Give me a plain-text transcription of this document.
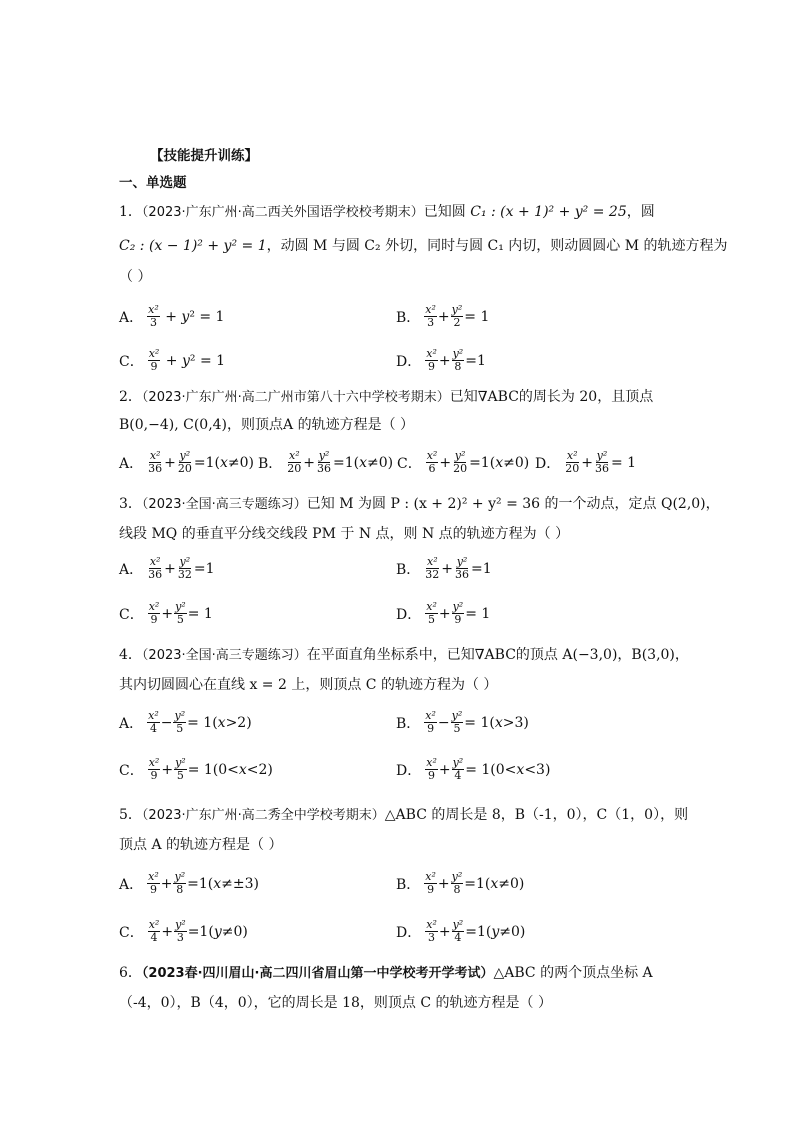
【技能提升训练】
一、单选题
1．（2023·广东广州·高二西关外国语学校校考期末）已知圆 C₁ : (x + 1)² + y² = 25，圆
C₂ : (x − 1)² + y² = 1，动圆 M 与圆 C₂ 外切，同时与圆 C₁ 内切，则动圆圆心 M 的轨迹方程为
（ ）
A． $\frac{\text{x²}}{3} + y^2 = 1$	B． $\frac{\text{x²}}{3} + \frac{\text{y²}}{2} = 1$
C． $\frac{\text{x²}}{9} + y^2 = 1$	D． $\frac{\text{x²}}{9} + \frac{\text{y²}}{8} =1$
2．（2023·广东广州·高二广州市第八十六中学校考期末）已知∇ABC的周长为 20，且顶点
B(0,−4), C(0,4)，则顶点A 的轨迹方程是（ ）
A． $\frac{\text{x²}}{36} + \frac{\text{y²}}{20} =1(x\ne 0)$ B． $\frac{\text{x²}}{20} + \frac{\text{y²}}{36} =1(x\ne 0)$ C． $\frac{\text{x²}}{6} + \frac{\text{y²}}{20} =1(x\ne 0)$ D． $\frac{\text{x²}}{20} + \frac{\text{y²}}{36} = 1$
3．（2023·全国·高三专题练习）已知 M 为圆 P : (x + 2)² + y² = 36 的一个动点，定点 Q(2,0)，
线段 MQ 的垂直平分线交线段 PM 于 N 点，则 N 点的轨迹方程为（ ）
A． $\frac{\text{x²}}{36} + \frac{\text{y²}}{32} =1$	B． $\frac{\text{x²}}{32} + \frac{\text{y²}}{36} =1$
C． $\frac{\text{x²}}{9} + \frac{\text{y²}}{5} = 1$	D． $\frac{\text{x²}}{5} + \frac{\text{y²}}{9} = 1$
4．（2023·全国·高三专题练习）在平面直角坐标系中，已知∇ABC的顶点 A(−3,0)，B(3,0)，
其内切圆圆心在直线 x = 2 上，则顶点 C 的轨迹方程为（ ）
A． $\frac{\text{x²}}{4} - \frac{\text{y²}}{5} = 1(x>2)$	B． $\frac{\text{x²}}{9} - \frac{\text{y²}}{5} = 1(x>3)$
C． $\frac{\text{x²}}{9} + \frac{\text{y²}}{5} = 1(0<x<2)$	D． $\frac{\text{x²}}{9} + \frac{\text{y²}}{4} = 1(0<x<3)$
5．（2023·广东广州·高二秀全中学校考期末）△ABC 的周长是 8，B（-1，0），C（1，0），则
顶点 A 的轨迹方程是（ ）
A． $\frac{\text{x²}}{9} + \frac{\text{y²}}{8} =1(x\ne\pm 3)$	B． $\frac{\text{x²}}{9} + \frac{\text{y²}}{8} =1(x\ne 0)$
C． $\frac{\text{x²}}{4} + \frac{\text{y²}}{3} =1(y\ne 0)$	D． $\frac{\text{x²}}{3} + \frac{\text{y²}}{4} =1(y\ne 0)$
6．（2023春·四川眉山·高二四川省眉山第一中学校考开学考试）△ABC 的两个顶点坐标 A
（-4，0），B（4，0），它的周长是 18，则顶点 C 的轨迹方程是（ ）
